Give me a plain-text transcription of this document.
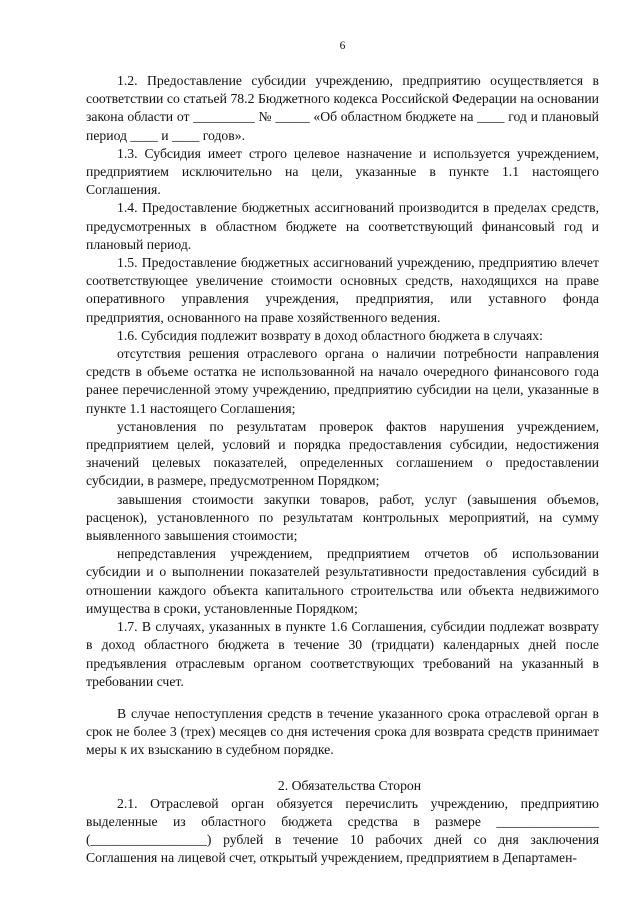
6

1.2. Предоставление субсидии учреждению, предприятию осуществляется в соответствии со статьей 78.2 Бюджетного кодекса Российской Федерации на основании закона области от _________ № _____ «Об областном бюджете на ____ год и плановый период ____ и ____ годов».

1.3. Субсидия имеет строго целевое назначение и используется учреждением, предприятием исключительно на цели, указанные в пункте 1.1 настоящего Соглашения.

1.4. Предоставление бюджетных ассигнований производится в пределах средств, предусмотренных в областном бюджете на соответствующий финансовый год и плановый период.

1.5. Предоставление бюджетных ассигнований учреждению, предприятию влечет соответствующее увеличение стоимости основных средств, находящихся на праве оперативного управления учреждения, предприятия, или уставного фонда предприятия, основанного на праве хозяйственного ведения.

1.6. Субсидия подлежит возврату в доход областного бюджета в случаях:

отсутствия решения отраслевого органа о наличии потребности направления средств в объеме остатка не использованной на начало очередного финансового года ранее перечисленной этому учреждению, предприятию субсидии на цели, указанные в пункте 1.1 настоящего Соглашения;

установления по результатам проверок фактов нарушения учреждением, предприятием целей, условий и порядка предоставления субсидии, недостижения значений целевых показателей, определенных соглашением о предоставлении субсидии, в размере, предусмотренном Порядком;

завышения стоимости закупки товаров, работ, услуг (завышения объемов, расценок), установленного по результатам контрольных мероприятий, на сумму выявленного завышения стоимости;

непредставления учреждением, предприятием отчетов об использовании субсидии и о выполнении показателей результативности предоставления субсидий в отношении каждого объекта капитального строительства или объекта недвижимого имущества в сроки, установленные Порядком;

1.7. В случаях, указанных в пункте 1.6 Соглашения, субсидии подлежат возврату в доход областного бюджета в течение 30 (тридцати) календарных дней после предъявления отраслевым органом соответствующих требований на указанный в требовании счет.

В случае непоступления средств в течение указанного срока отраслевой орган в срок не более 3 (трех) месяцев со дня истечения срока для возврата средств принимает меры к их взысканию в судебном порядке.

2. Обязательства Сторон

2.1. Отраслевой орган обязуется перечислить учреждению, предприятию выделенные из областного бюджета средства в размере _______________ (_________________) рублей в течение 10 рабочих дней со дня заключения Соглашения на лицевой счет, открытый учреждением, предприятием в Департамен-
